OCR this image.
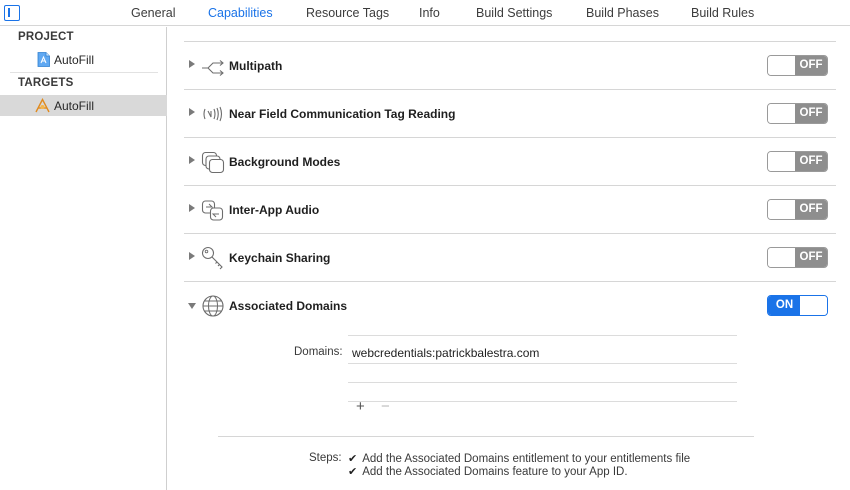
General	Capabilities	Resource Tags Info	Build Settings	Build Phases	Build Rules
PROJECT
AutoFill
TARGETS
AutoFill
Multipath	OFF
Near Field Communication Tag Reading	OFF
Background Modes	OFF
Inter-App Audio	OFF
Keychain Sharing	OFF
Associated Domains	ON
Domains: webcredentials:patrickbalestra.com
+ −
Steps: ✔ Add the Associated Domains entitlement to your entitlements file
✔ Add the Associated Domains feature to your App ID.
